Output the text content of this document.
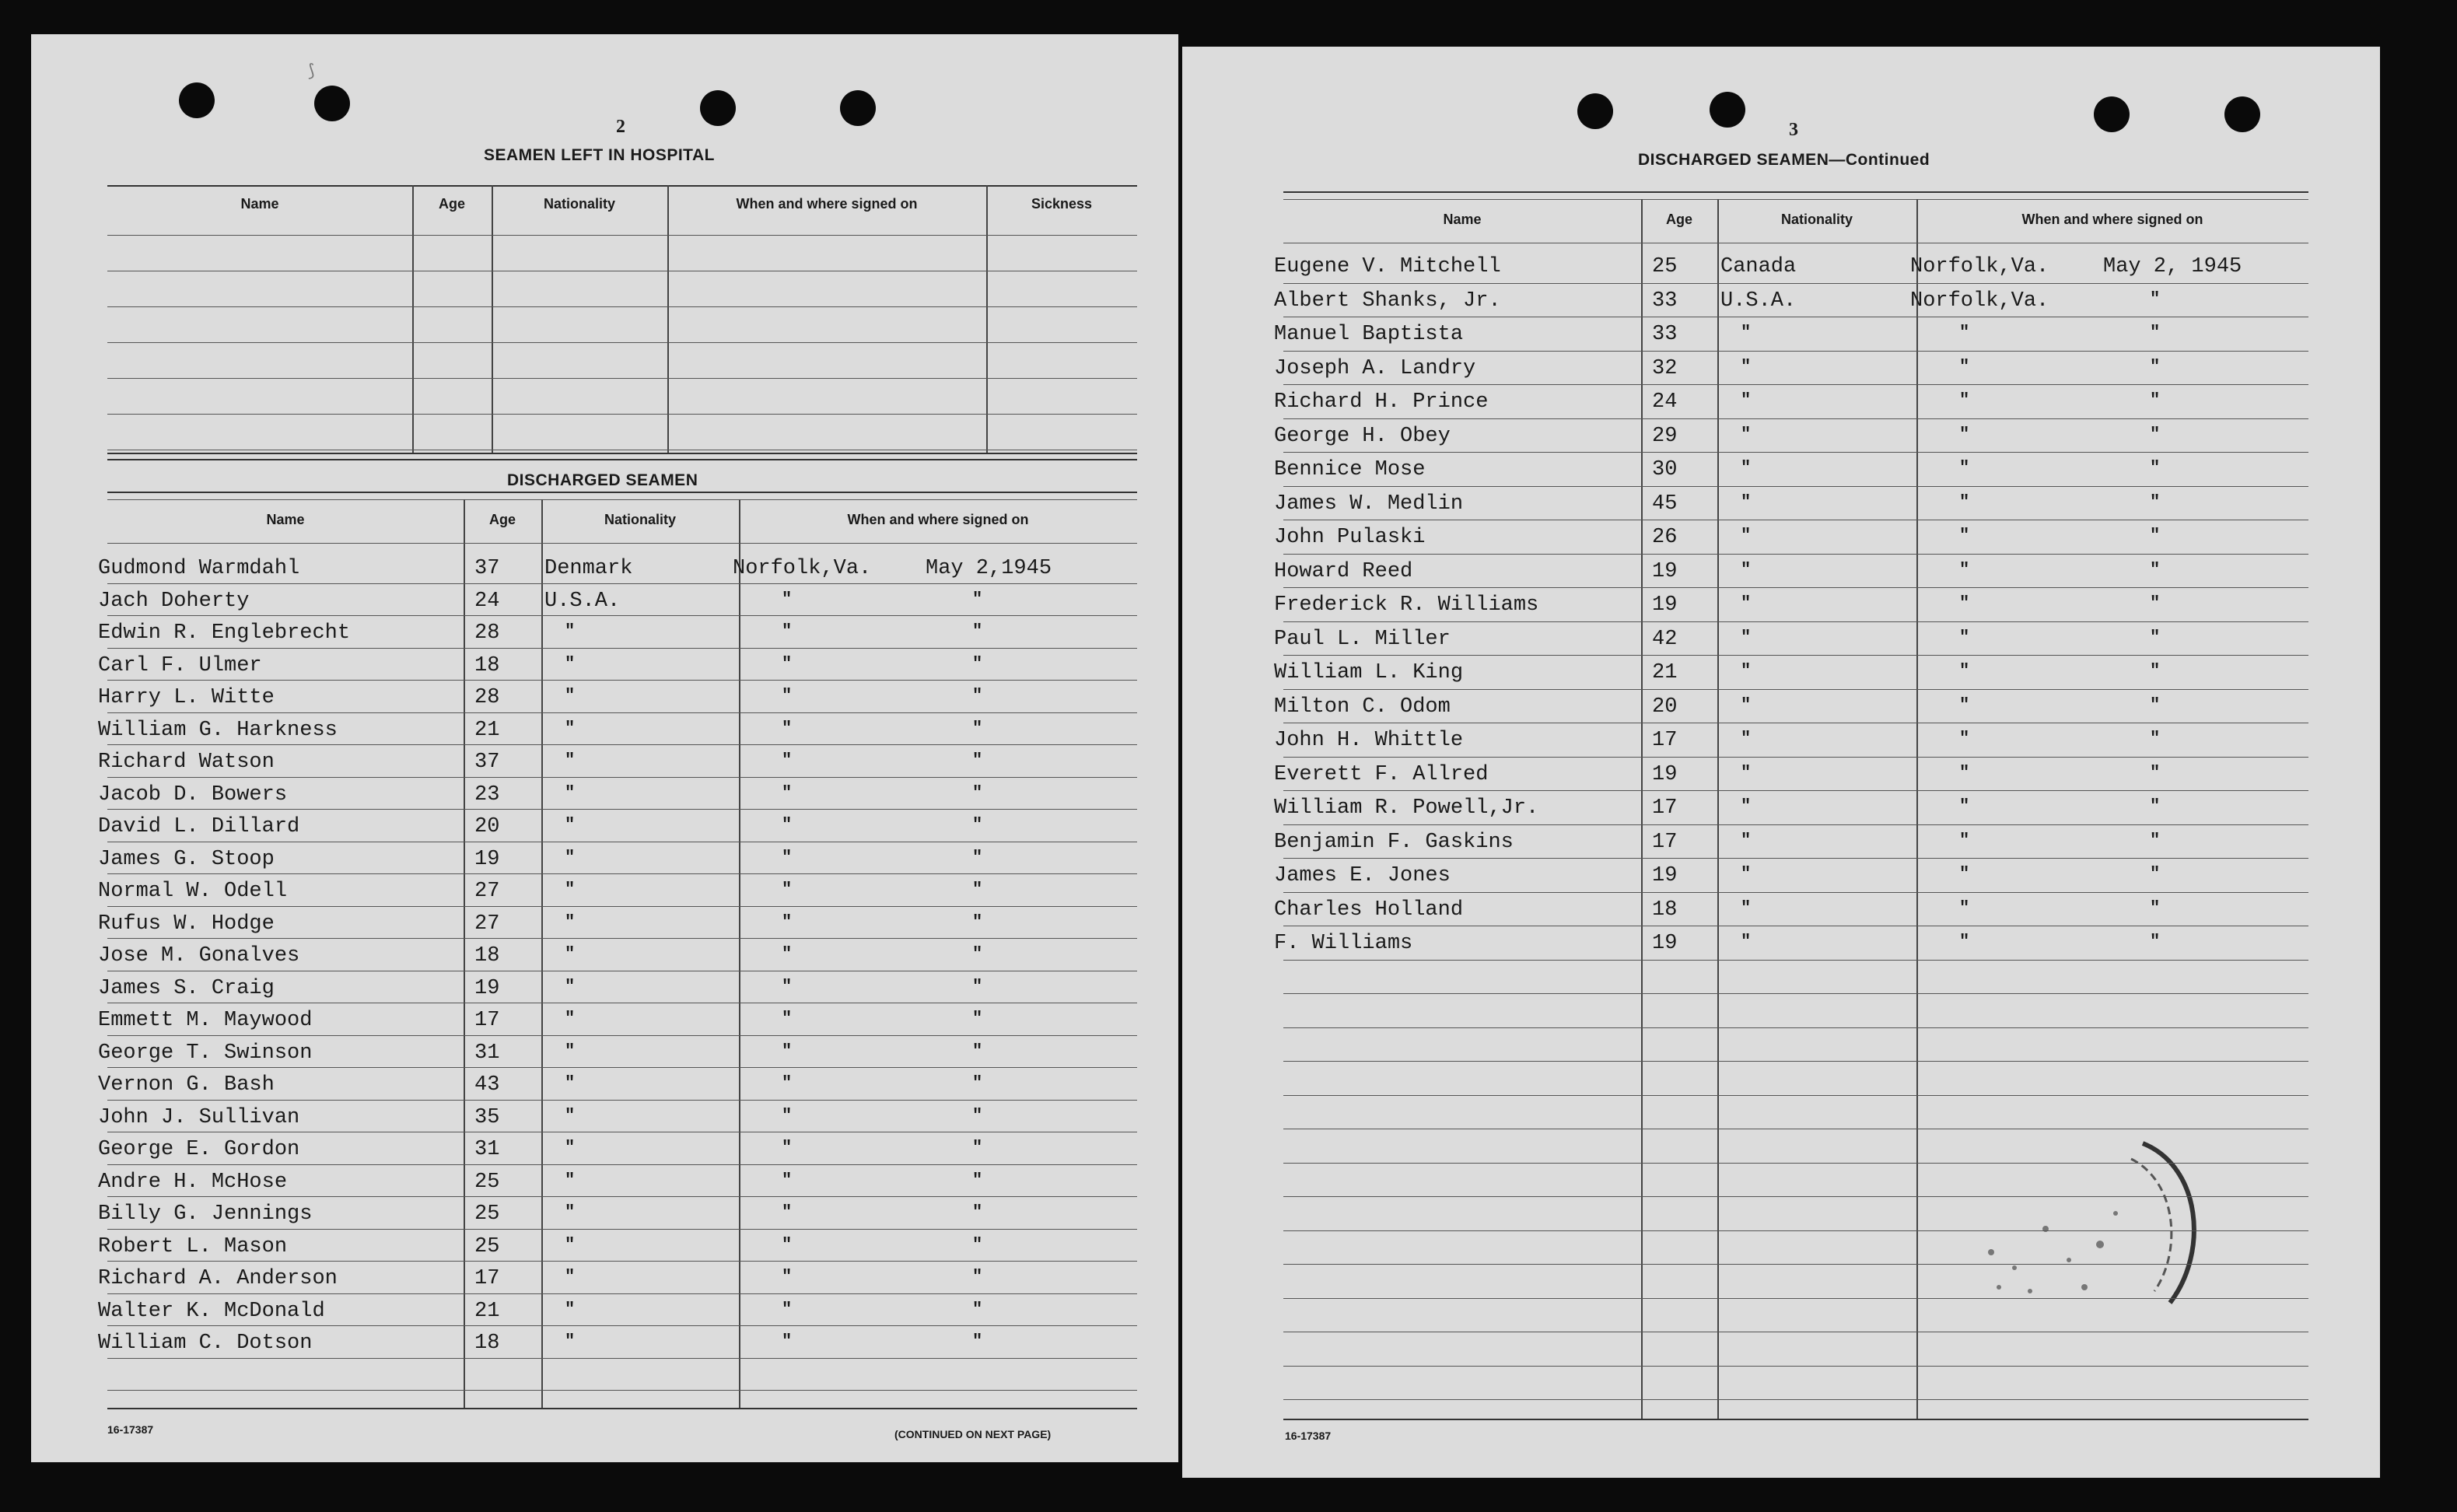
⟆
2
SEAMEN LEFT IN HOSPITAL
DISCHARGED SEAMEN
16-17387	(CONTINUED ON NEXT PAGE)
3
DISCHARGED SEAMEN—Continued
16-17387
Name	Age	Nationality	When and where signed on	Sickness
Name	Age	Nationality	When and where signed on
Gudmond Warmdahl	37 Denmark	Norfolk,Va.	May 2,1945
Jach Doherty	24 U.S.A.	"	"
Edwin R. Englebrecht	28	"	"	"
Carl F. Ulmer	18	"	"	"
Harry L. Witte	28	"	"	"
William G. Harkness	21	"	"	"
Richard Watson	37	"	"	"
Jacob D. Bowers	23	"	"	"
David L. Dillard	20	"	"	"
James G. Stoop	19	"	"	"
Normal W. Odell	27	"	"	"
Rufus W. Hodge	27	"	"	"
Jose M. Gonalves	18	"	"	"
James S. Craig	19	"	"	"
Emmett M. Maywood	17	"	"	"
George T. Swinson	31	"	"	"
Vernon G. Bash	43	"	"	"
John J. Sullivan	35	"	"	"
George E. Gordon	31	"	"	"
Andre H. McHose	25	"	"	"
Billy G. Jennings	25	"	"	"
Robert L. Mason	25	"	"	"
Richard A. Anderson	17	"	"	"
Walter K. McDonald	21	"	"	"
William C. Dotson	18	"	"	"
Name	Age	Nationality	When and where signed on
Eugene V. Mitchell	25 Canada	Norfolk,Va.	May 2, 1945
Albert Shanks, Jr.	33 U.S.A.	Norfolk,Va.	"
Manuel Baptista	33	"	"	"
Joseph A. Landry	32	"	"	"
Richard H. Prince	24	"	"	"
George H. Obey	29	"	"	"
Bennice Mose	30	"	"	"
James W. Medlin	45	"	"	"
John Pulaski	26	"	"	"
Howard Reed	19	"	"	"
Frederick R. Williams	19	"	"	"
Paul L. Miller	42	"	"	"
William L. King	21	"	"	"
Milton C. Odom	20	"	"	"
John H. Whittle	17	"	"	"
Everett F. Allred	19	"	"	"
William R. Powell,Jr.	17	"	"	"
Benjamin F. Gaskins	17	"	"	"
James E. Jones	19	"	"	"
Charles Holland	18	"	"	"
F. Williams	19	"	"	"
